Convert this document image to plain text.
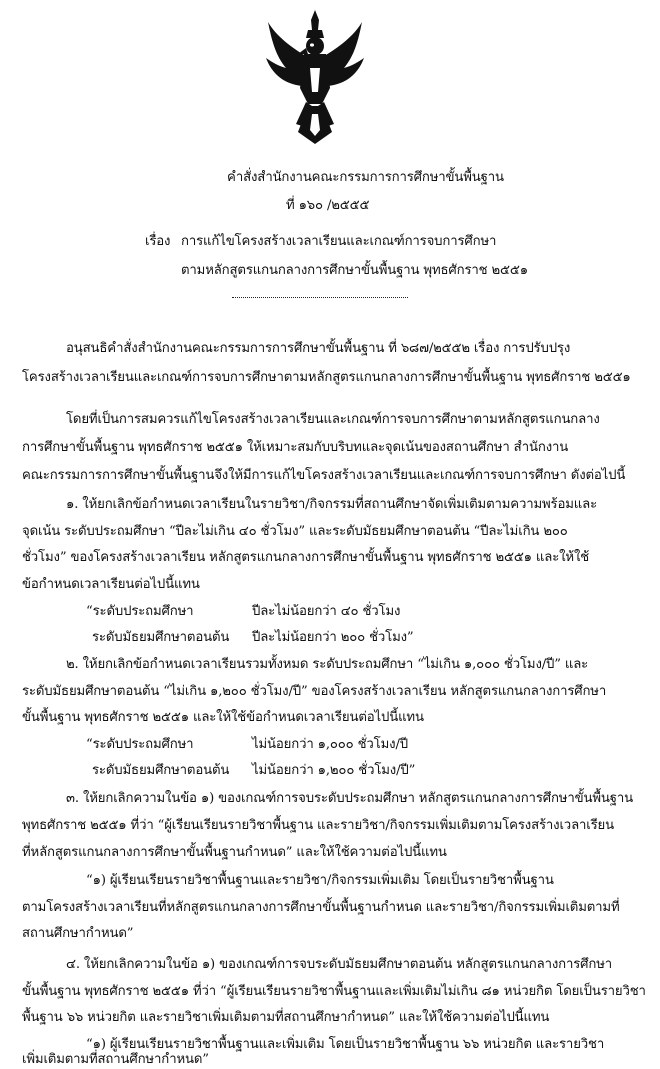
คำสั่งสำนักงานคณะกรรมการการศึกษาขั้นพื้นฐาน
ที่ ๑๖๐ /๒๕๕๕
เรื่อง การแก้ไขโครงสร้างเวลาเรียนและเกณฑ์การจบการศึกษา
ตามหลักสูตรแกนกลางการศึกษาขั้นพื้นฐาน พุทธศักราช ๒๕๕๑
อนุสนธิคำสั่งสำนักงานคณะกรรมการการศึกษาขั้นพื้นฐาน ที่ ๖๘๗/๒๕๕๒ เรื่อง การปรับปรุง
โครงสร้างเวลาเรียนและเกณฑ์การจบการศึกษาตามหลักสูตรแกนกลางการศึกษาขั้นพื้นฐาน พุทธศักราช ๒๕๕๑
โดยที่เป็นการสมควรแก้ไขโครงสร้างเวลาเรียนและเกณฑ์การจบการศึกษาตามหลักสูตรแกนกลาง
การศึกษาขั้นพื้นฐาน พุทธศักราช ๒๕๕๑ ให้เหมาะสมกับบริบทและจุดเน้นของสถานศึกษา สำนักงาน
คณะกรรมการการศึกษาขั้นพื้นฐานจึงให้มีการแก้ไขโครงสร้างเวลาเรียนและเกณฑ์การจบการศึกษา ดังต่อไปนี้
๑. ให้ยกเลิกข้อกำหนดเวลาเรียนในรายวิชา/กิจกรรมที่สถานศึกษาจัดเพิ่มเติมตามความพร้อมและ
จุดเน้น ระดับประถมศึกษา “ปีละไม่เกิน ๔๐ ชั่วโมง” และระดับมัธยมศึกษาตอนต้น “ปีละไม่เกิน ๒๐๐
ชั่วโมง” ของโครงสร้างเวลาเรียน หลักสูตรแกนกลางการศึกษาขั้นพื้นฐาน พุทธศักราช ๒๕๕๑ และให้ใช้
ข้อกำหนดเวลาเรียนต่อไปนี้แทน
“ระดับประถมศึกษา	ปีละไม่น้อยกว่า ๔๐ ชั่วโมง
ระดับมัธยมศึกษาตอนต้น ปีละไม่น้อยกว่า ๒๐๐ ชั่วโมง”
๒. ให้ยกเลิกข้อกำหนดเวลาเรียนรวมทั้งหมด ระดับประถมศึกษา “ไม่เกิน ๑,๐๐๐ ชั่วโมง/ปี” และ
ระดับมัธยมศึกษาตอนต้น “ไม่เกิน ๑,๒๐๐ ชั่วโมง/ปี” ของโครงสร้างเวลาเรียน หลักสูตรแกนกลางการศึกษา
ขั้นพื้นฐาน พุทธศักราช ๒๕๕๑ และให้ใช้ข้อกำหนดเวลาเรียนต่อไปนี้แทน
“ระดับประถมศึกษา	ไม่น้อยกว่า ๑,๐๐๐ ชั่วโมง/ปี
ระดับมัธยมศึกษาตอนต้น ไม่น้อยกว่า ๑,๒๐๐ ชั่วโมง/ปี”
๓. ให้ยกเลิกความในข้อ ๑) ของเกณฑ์การจบระดับประถมศึกษา หลักสูตรแกนกลางการศึกษาขั้นพื้นฐาน
พุทธศักราช ๒๕๕๑ ที่ว่า “ผู้เรียนเรียนรายวิชาพื้นฐาน และรายวิชา/กิจกรรมเพิ่มเติมตามโครงสร้างเวลาเรียน
ที่หลักสูตรแกนกลางการศึกษาขั้นพื้นฐานกำหนด” และให้ใช้ความต่อไปนี้แทน
“๑) ผู้เรียนเรียนรายวิชาพื้นฐานและรายวิชา/กิจกรรมเพิ่มเติม โดยเป็นรายวิชาพื้นฐาน
ตามโครงสร้างเวลาเรียนที่หลักสูตรแกนกลางการศึกษาขั้นพื้นฐานกำหนด และรายวิชา/กิจกรรมเพิ่มเติมตามที่
สถานศึกษากำหนด”
๔. ให้ยกเลิกความในข้อ ๑) ของเกณฑ์การจบระดับมัธยมศึกษาตอนต้น หลักสูตรแกนกลางการศึกษา
ขั้นพื้นฐาน พุทธศักราช ๒๕๕๑ ที่ว่า “ผู้เรียนเรียนรายวิชาพื้นฐานและเพิ่มเติมไม่เกิน ๘๑ หน่วยกิต โดยเป็นรายวิชา
พื้นฐาน ๖๖ หน่วยกิต และรายวิชาเพิ่มเติมตามที่สถานศึกษากำหนด” และให้ใช้ความต่อไปนี้แทน
“๑) ผู้เรียนเรียนรายวิชาพื้นฐานและเพิ่มเติม โดยเป็นรายวิชาพื้นฐาน ๖๖ หน่วยกิต และรายวิชา
เพิ่มเติมตามที่สถานศึกษากำหนด”
